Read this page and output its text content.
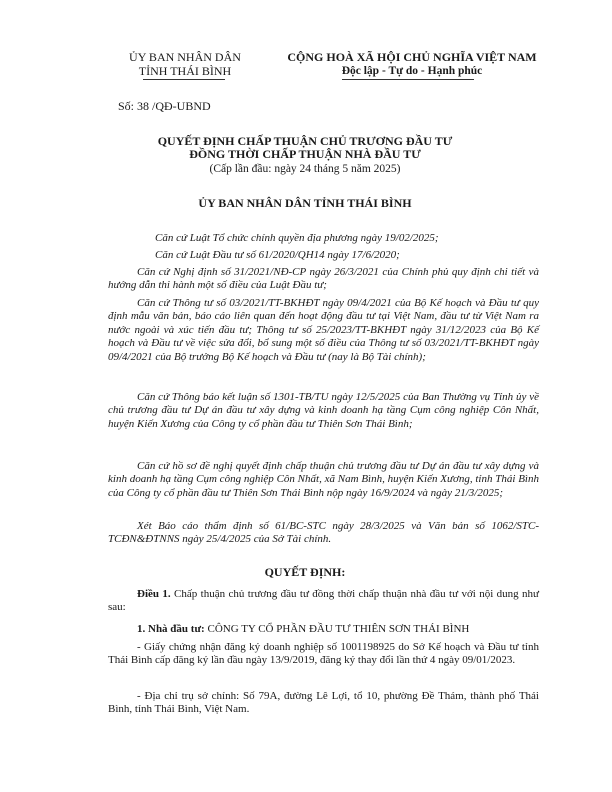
ỦY BAN NHÂN DÂN
TỈNH THÁI BÌNH
CỘNG HOÀ XÃ HỘI CHỦ NGHĨA VIỆT NAM
Độc lập - Tự do - Hạnh phúc
Số: 38 /QĐ-UBND
QUYẾT ĐỊNH CHẤP THUẬN CHỦ TRƯƠNG ĐẦU TƯ
ĐỒNG THỜI CHẤP THUẬN NHÀ ĐẦU TƯ
(Cấp lần đầu: ngày 24 tháng 5 năm 2025)
ỦY BAN NHÂN DÂN TỈNH THÁI BÌNH
Căn cứ Luật Tổ chức chính quyền địa phương ngày 19/02/2025;
Căn cứ Luật Đầu tư số 61/2020/QH14 ngày 17/6/2020;
Căn cứ Nghị định số 31/2021/NĐ-CP ngày 26/3/2021 của Chính phủ quy định chi tiết và hướng dẫn thi hành một số điều của Luật Đầu tư;
Căn cứ Thông tư số 03/2021/TT-BKHĐT ngày 09/4/2021 của Bộ Kế hoạch và Đầu tư quy định mẫu văn bản, báo cáo liên quan đến hoạt động đầu tư tại Việt Nam, đầu tư từ Việt Nam ra nước ngoài và xúc tiến đầu tư; Thông tư số 25/2023/TT-BKHĐT ngày 31/12/2023 của Bộ Kế hoạch và Đầu tư về việc sửa đổi, bổ sung một số điều của Thông tư số 03/2021/TT-BKHĐT ngày 09/4/2021 của Bộ trưởng Bộ Kế hoạch và Đầu tư (nay là Bộ Tài chính);
Căn cứ Thông báo kết luận số 1301-TB/TU ngày 12/5/2025 của Ban Thường vụ Tỉnh ủy về chủ trương đầu tư Dự án đầu tư xây dựng và kinh doanh hạ tầng Cụm công nghiệp Côn Nhất, huyện Kiến Xương của Công ty cổ phần đầu tư Thiên Sơn Thái Bình;
Căn cứ hồ sơ đề nghị quyết định chấp thuận chủ trương đầu tư Dự án đầu tư xây dựng và kinh doanh hạ tầng Cụm công nghiệp Côn Nhất, xã Nam Bình, huyện Kiến Xương, tỉnh Thái Bình của Công ty cổ phần đầu tư Thiên Sơn Thái Bình nộp ngày 16/9/2024 và ngày 21/3/2025;
Xét Báo cáo thẩm định số 61/BC-STC ngày 28/3/2025 và Văn bản số 1062/STC-TCĐN&ĐTNNS ngày 25/4/2025 của Sở Tài chính.
QUYẾT ĐỊNH:
Điều 1. Chấp thuận chủ trương đầu tư đồng thời chấp thuận nhà đầu tư với nội dung như sau:
1. Nhà đầu tư: CÔNG TY CỔ PHẦN ĐẦU TƯ THIÊN SƠN THÁI BÌNH
- Giấy chứng nhận đăng ký doanh nghiệp số 1001198925 do Sở Kế hoạch và Đầu tư tỉnh Thái Bình cấp đăng ký lần đầu ngày 13/9/2019, đăng ký thay đổi lần thứ 4 ngày 09/01/2023.
- Địa chỉ trụ sở chính: Số 79A, đường Lê Lợi, tổ 10, phường Đề Thám, thành phố Thái Bình, tỉnh Thái Bình, Việt Nam.
